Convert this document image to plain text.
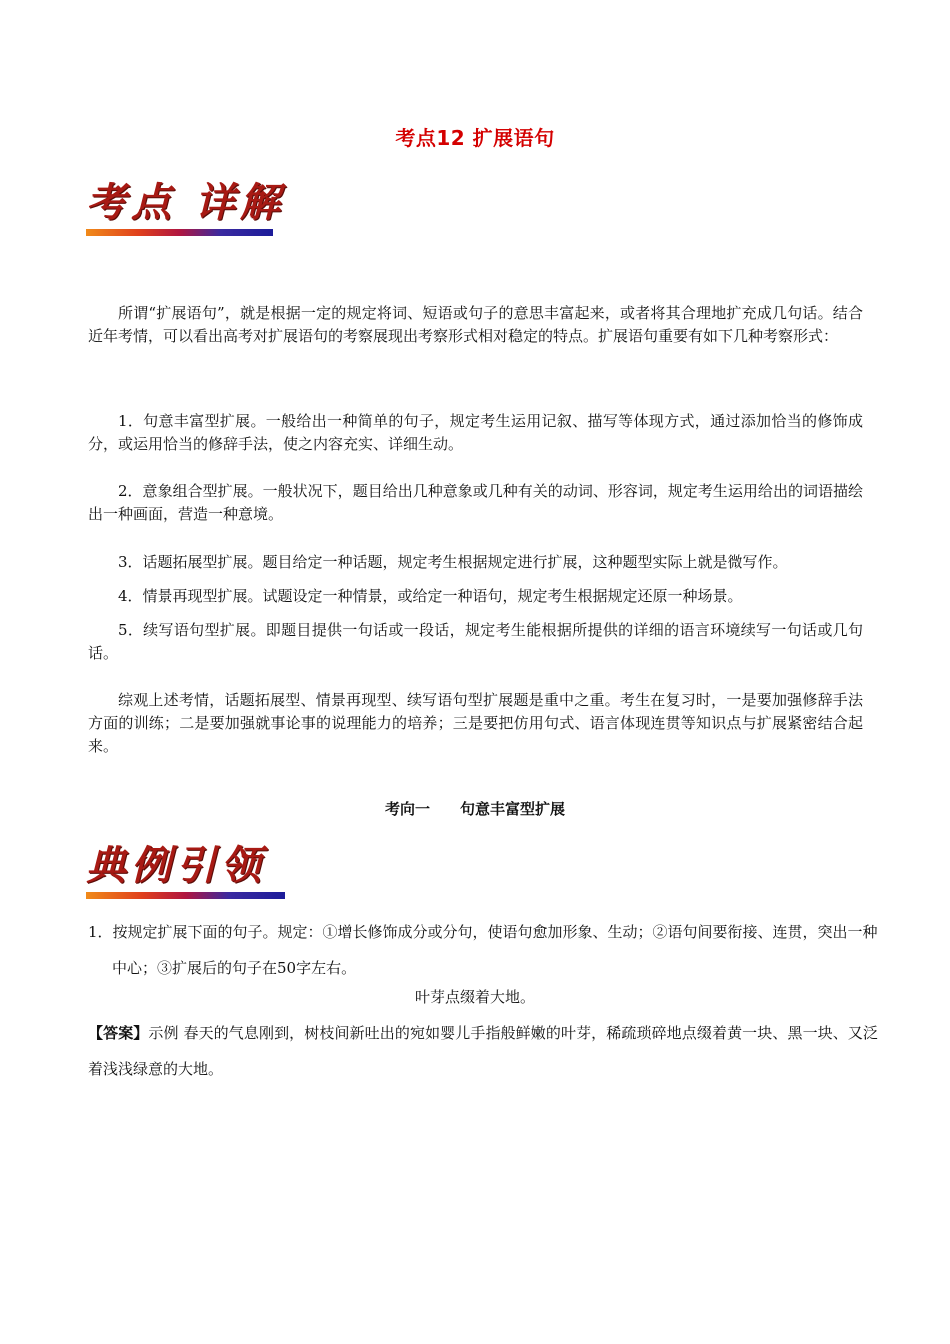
考点12 扩展语句
考点 详解

所谓“扩展语句”，就是根据一定的规定将词、短语或句子的意思丰富起来，或者将其合理地扩充成几句话。结合近年考情，可以看出高考对扩展语句的考察展现出考察形式相对稳定的特点。扩展语句重要有如下几种考察形式：

1．句意丰富型扩展。一般给出一种简单的句子，规定考生运用记叙、描写等体现方式，通过添加恰当的修饰成分，或运用恰当的修辞手法，使之内容充实、详细生动。

2．意象组合型扩展。一般状况下，题目给出几种意象或几种有关的动词、形容词，规定考生运用给出的词语描绘出一种画面，营造一种意境。

3．话题拓展型扩展。题目给定一种话题，规定考生根据规定进行扩展，这种题型实际上就是微写作。

4．情景再现型扩展。试题设定一种情景，或给定一种语句，规定考生根据规定还原一种场景。

5．续写语句型扩展。即题目提供一句话或一段话，规定考生能根据所提供的详细的语言环境续写一句话或几句话。

综观上述考情，话题拓展型、情景再现型、续写语句型扩展题是重中之重。考生在复习时，一是要加强修辞手法方面的训练；二是要加强就事论事的说理能力的培养；三是要把仿用句式、语言体现连贯等知识点与扩展紧密结合起来。

考向一　　句意丰富型扩展
典例引领

1．按规定扩展下面的句子。规定：①增长修饰成分或分句，使语句愈加形象、生动；②语句间要衔接、连贯，突出一种中心；③扩展后的句子在50字左右。

叶芽点缀着大地。

【答案】示例 春天的气息刚到，树枝间新吐出的宛如婴儿手指般鲜嫩的叶芽，稀疏琐碎地点缀着黄一块、黑一块、又泛着浅浅绿意的大地。
